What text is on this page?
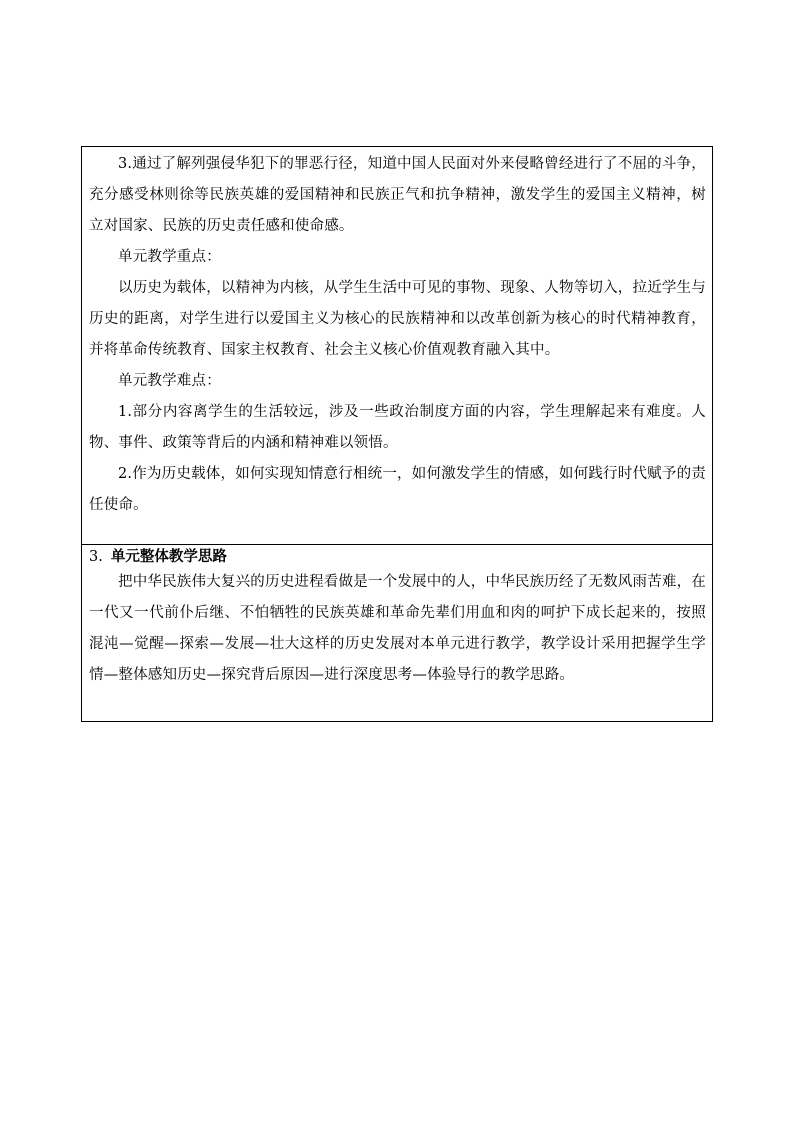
3.通过了解列强侵华犯下的罪恶行径，知道中国人民面对外来侵略曾经进行了不屈的斗争， 充分感受林则徐等民族英雄的爱国精神和民族正气和抗争精神，激发学生的爱国主义精神，树立对国家、民族的历史责任感和使命感。

单元教学重点：

以历史为载体，以精神为内核，从学生生活中可见的事物、现象、人物等切入，拉近学生与历史的距离，对学生进行以爱国主义为核心的民族精神和以改革创新为核心的时代精神教育，并将革命传统教育、国家主权教育、社会主义核心价值观教育融入其中。

单元教学难点：

1.部分内容离学生的生活较远，涉及一些政治制度方面的内容，学生理解起来有难度。人物、事件、政策等背后的内涵和精神难以领悟。

2.作为历史载体，如何实现知情意行相统一，如何激发学生的情感，如何践行时代赋予的责任使命。

3. 单元整体教学思路

把中华民族伟大复兴的历史进程看做是一个发展中的人，中华民族历经了无数风雨苦难，在一代又一代前仆后继、不怕牺牲的民族英雄和革命先辈们用血和肉的呵护下成长起来的，按照混沌—觉醒—探索—发展—壮大这样的历史发展对本单元进行教学，教学设计采用把握学生学情—整体感知历史—探究背后原因—进行深度思考—体验导行的教学思路。
